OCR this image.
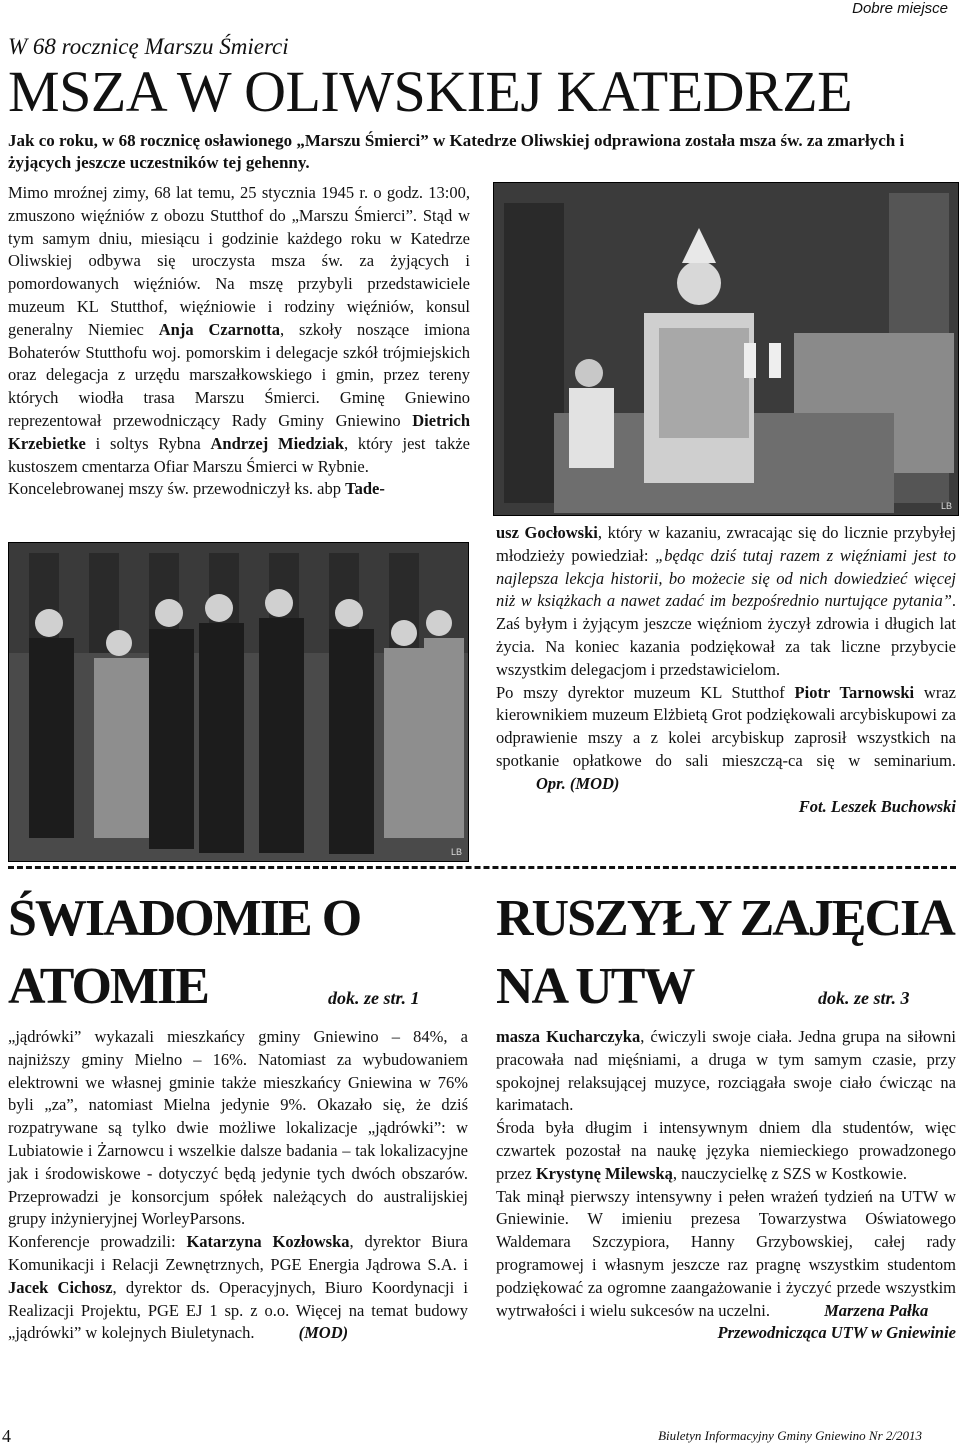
Dobre miejsce
W 68 rocznicę Marszu Śmierci
MSZA W OLIWSKIEJ KATEDRZE
Jak co roku, w 68 rocznicę osławionego „Marszu Śmierci” w Katedrze Oliwskiej odprawiona została msza św. za zmarłych i żyjących jeszcze uczestników tej gehenny.

Mimo mroźnej zimy, 68 lat temu, 25 stycznia 1945 r. o godz. 13:00, zmuszono więźniów z obozu Stutthof do „Marszu Śmierci”. Stąd w tym samym dniu, miesiącu i godzinie każdego roku w Katedrze Oliwskiej odbywa się uroczysta msza św. za żyjących i pomordowanych więźniów. Na mszę przybyli przedstawiciele muzeum KL Stutthof, więźniowie i rodziny więźniów, konsul generalny Niemiec Anja Czarnotta, szkoły noszące imiona Bohaterów Stutthofu woj. pomorskim i delegacje szkół trójmiejskich oraz delegacja z urzędu marszałkowskiego i gmin, przez tereny których wiodła trasa Marszu Śmierci. Gminę Gniewino reprezentował przewodniczący Rady Gminy Gniewino Dietrich Krzebietke i soltys Rybna Andrzej Miedziak, który jest także kustoszem cmentarza Ofiar Marszu Śmierci w Rybnie.

Koncelebrowanej mszy św. przewodniczył ks. abp Tade-

LB
LB

usz Gocłowski, który w kazaniu, zwracając się do licznie przybyłej młodzieży powiedział: „będąc dziś tutaj razem z więźniami jest to najlepsza lekcja historii, bo możecie się od nich dowiedzieć więcej niż w książkach a nawet zadać im bezpośrednio nurtujące pytania”. Zaś byłym i żyjącym jeszcze więźniom życzył zdrowia i długich lat życia. Na koniec kazania podziękował za tak liczne przybycie wszystkim delegacjom i przedstawicielom.

Po mszy dyrektor muzeum KL Stutthof Piotr Tarnowski wraz kierownikiem muzeum Elżbietą Grot podziękowali arcybiskupowi za odprawienie mszy a z kolei arcybiskup zaprosił wszystkich na spotkanie opłatkowe do sali mieszczą-ca się w seminarium. Opr. (MOD)

Fot. Leszek Buchowski

ŚWIADOMIE O
ATOMIE	dok. ze str. 1
RUSZYŁY ZAJĘCIA
NA UTW	dok. ze str. 3

„jądrówki” wykazali mieszkańcy gminy Gniewino – 84%, a najniższy gminy Mielno – 16%. Natomiast za wybudowaniem elektrowni we własnej gminie także mieszkańcy Gniewina w 76% byli „za”, natomiast Mielna jedynie 9%. Okazało się, że dziś rozpatrywane są tylko dwie możliwe lokalizacje „jądrówki”: w Lubiatowie i Żarnowcu i wszelkie dalsze badania – tak lokalizacyjne jak i środowiskowe - dotyczyć będą jedynie tych dwóch obszarów. Przeprowadzi je konsorcjum spółek należących do australijskiej grupy inżynieryjnej WorleyParsons.

Konferencje prowadzili: Katarzyna Kozłowska, dyrektor Biura Komunikacji i Relacji Zewnętrznych, PGE Energia Jądrowa S.A. i Jacek Cichosz, dyrektor ds. Operacyjnych, Biuro Koordynacji i Realizacji Projektu, PGE EJ 1 sp. z o.o. Więcej na temat budowy „jądrówki” w kolejnych Biuletynach.	(MOD)

masza Kucharczyka, ćwiczyli swoje ciała. Jedna grupa na siłowni pracowała nad mięśniami, a druga w tym samym czasie, przy spokojnej relaksującej muzyce, rozciągała swoje ciało ćwicząc na karimatach.

Środa była długim i intensywnym dniem dla studentów, więc czwartek pozostał na naukę języka niemieckiego prowadzonego przez Krystynę Milewską, nauczycielkę z SZS w Kostkowie.

Tak minął pierwszy intensywny i pełen wrażeń tydzień na UTW w Gniewinie. W imieniu prezesa Towarzystwa Oświatowego Waldemara Szczypiora, Hanny Grzybowskiej, całej rady programowej i własnym jeszcze raz pragnę wszystkim studentom podziękować za ogromne zaangażowanie i życzyć przede wszystkim wytrwałości i wielu sukcesów na uczelni.	Marzena Pałka

Przewodnicząca UTW w Gniewinie

4	Biuletyn Informacyjny Gminy Gniewino Nr 2/2013
